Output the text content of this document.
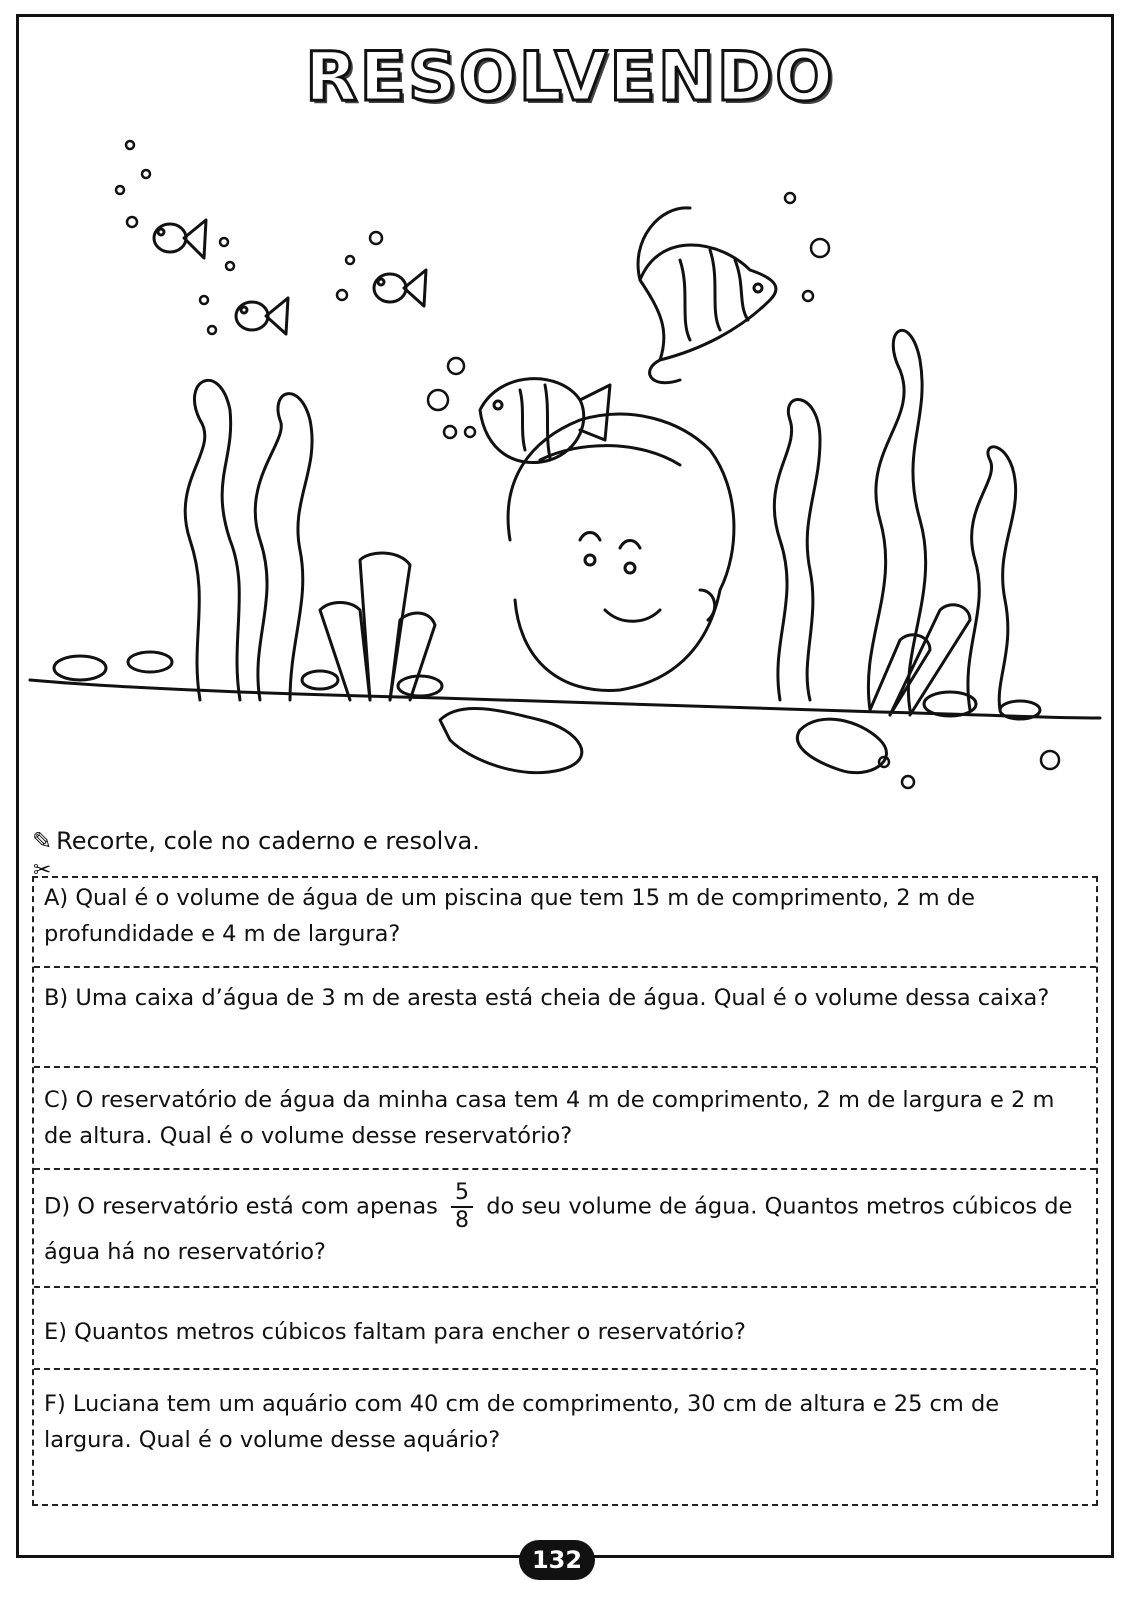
RESOLVENDO
✎ Recorte, cole no caderno e resolva.
✂
A) Qual é o volume de água de um piscina que tem 15 m de comprimento, 2 m de profundidade e 4 m de largura?
B) Uma caixa d’água de 3 m de aresta está cheia de água. Qual é o volume dessa caixa?
C) O reservatório de água da minha casa tem 4 m de comprimento, 2 m de largura e 2 m de altura. Qual é o volume desse reservatório?
D) O reservatório está com apenas $\frac{5}{8}$ do seu volume de água. Quantos metros cúbicos de água há no reservatório?
E) Quantos metros cúbicos faltam para encher o reservatório?
F) Luciana tem um aquário com 40 cm de comprimento, 30 cm de altura e 25 cm de largura. Qual é o volume desse aquário?
132
